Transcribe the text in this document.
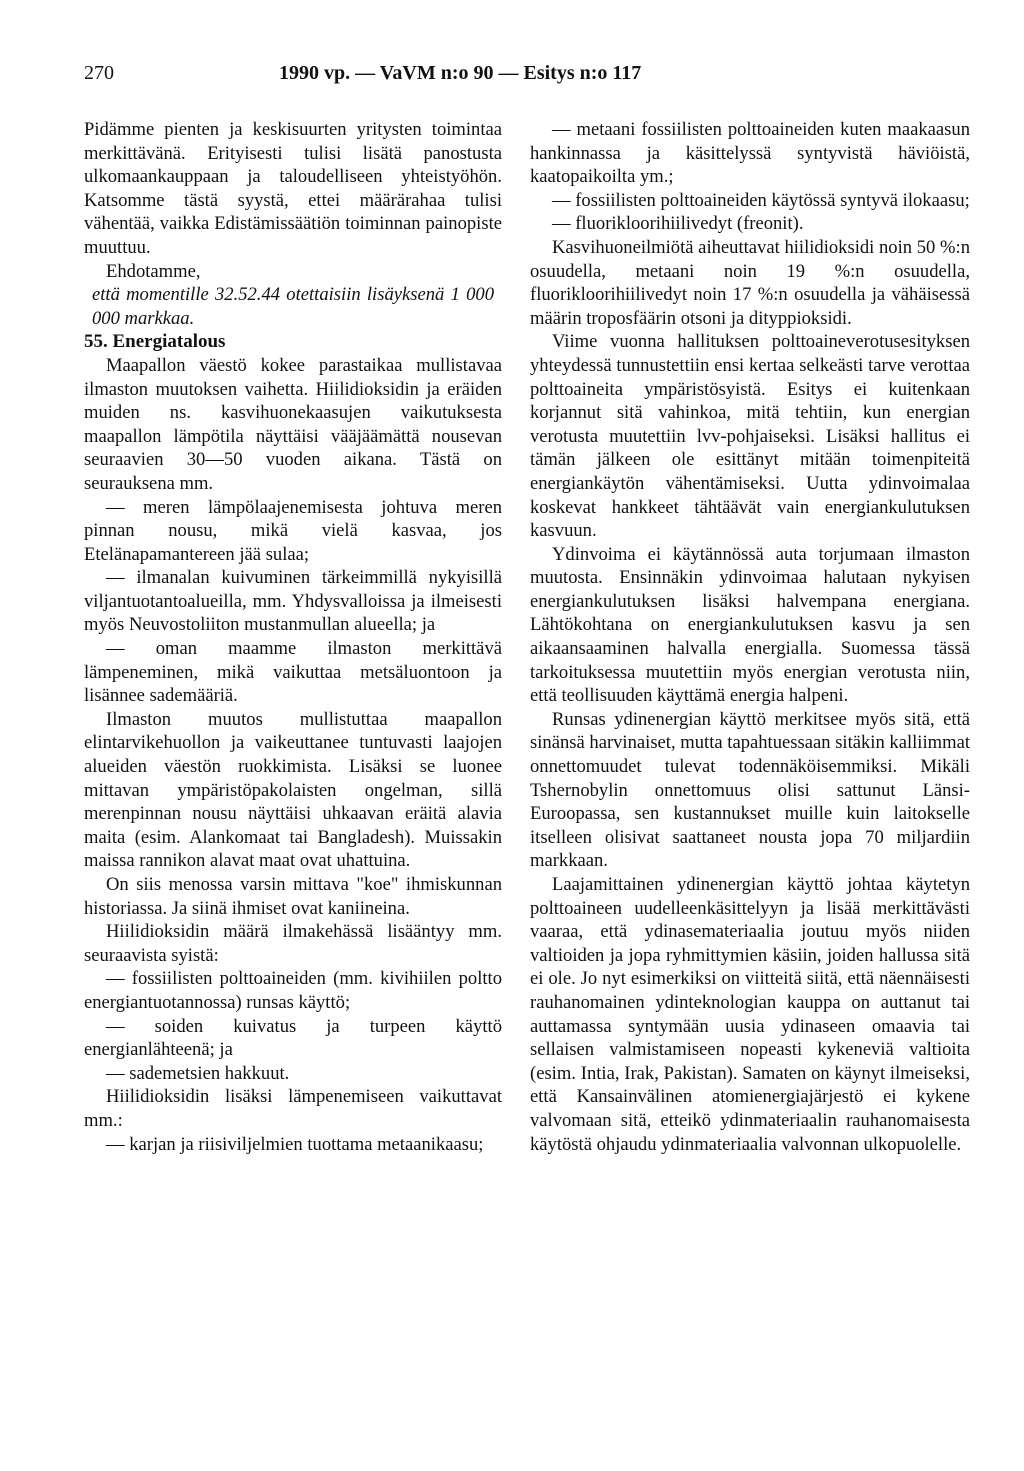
270	1990 vp. — VaVM n:o 90 — Esitys n:o 117

Pidämme pienten ja keskisuurten yritysten toimintaa merkittävänä. Erityisesti tulisi lisätä panostusta ulkomaankauppaan ja taloudelliseen yhteistyöhön. Katsomme tästä syystä, ettei määrärahaa tulisi vähentää, vaikka Edistämissäätiön toiminnan painopiste muuttuu.

Ehdotamme,

että momentille 32.52.44 otettaisiin lisäyksenä 1 000 000 markkaa.

55. Energiatalous

Maapallon väestö kokee parastaikaa mullistavaa ilmaston muutoksen vaihetta. Hiilidioksidin ja eräiden muiden ns. kasvihuonekaasujen vaikutuksesta maapallon lämpötila näyttäisi vääjäämättä nousevan seuraavien 30—50 vuoden aikana. Tästä on seurauksena mm.

— meren lämpölaajenemisesta johtuva meren pinnan nousu, mikä vielä kasvaa, jos Etelänapamantereen jää sulaa;

— ilmanalan kuivuminen tärkeimmillä nykyisillä viljantuotantoalueilla, mm. Yhdysvalloissa ja ilmeisesti myös Neuvostoliiton mustanmullan alueella; ja

— oman maamme ilmaston merkittävä lämpeneminen, mikä vaikuttaa metsäluontoon ja lisännee sademääriä.

Ilmaston muutos mullistuttaa maapallon elintarvikehuollon ja vaikeuttanee tuntuvasti laajojen alueiden väestön ruokkimista. Lisäksi se luonee mittavan ympäristöpakolaisten ongelman, sillä merenpinnan nousu näyttäisi uhkaavan eräitä alavia maita (esim. Alankomaat tai Bangladesh). Muissakin maissa rannikon alavat maat ovat uhattuina.

On siis menossa varsin mittava "koe" ihmiskunnan historiassa. Ja siinä ihmiset ovat kaniineina.

Hiilidioksidin määrä ilmakehässä lisääntyy mm. seuraavista syistä:

— fossiilisten polttoaineiden (mm. kivihiilen poltto energiantuotannossa) runsas käyttö;

— soiden kuivatus ja turpeen käyttö energianlähteenä; ja

— sademetsien hakkuut.

Hiilidioksidin lisäksi lämpenemiseen vaikuttavat mm.:

— karjan ja riisiviljelmien tuottama metaanikaasu;

— metaani fossiilisten polttoaineiden kuten maakaasun hankinnassa ja käsittelyssä syntyvistä häviöistä, kaatopaikoilta ym.;

— fossiilisten polttoaineiden käytössä syntyvä ilokaasu;

— fluorikloorihiilivedyt (freonit).

Kasvihuoneilmiötä aiheuttavat hiilidioksidi noin 50 %:n osuudella, metaani noin 19 %:n osuudella, fluorikloorihiilivedyt noin 17 %:n osuudella ja vähäisessä määrin troposfäärin otsoni ja dityppioksidi.

Viime vuonna hallituksen polttoaineverotusesityksen yhteydessä tunnustettiin ensi kertaa selkeästi tarve verottaa polttoaineita ympäristösyistä. Esitys ei kuitenkaan korjannut sitä vahinkoa, mitä tehtiin, kun energian verotusta muutettiin lvv-pohjaiseksi. Lisäksi hallitus ei tämän jälkeen ole esittänyt mitään toimenpiteitä energiankäytön vähentämiseksi. Uutta ydinvoimalaa koskevat hankkeet tähtäävät vain energiankulutuksen kasvuun.

Ydinvoima ei käytännössä auta torjumaan ilmaston muutosta. Ensinnäkin ydinvoimaa halutaan nykyisen energiankulutuksen lisäksi halvempana energiana. Lähtökohtana on energiankulutuksen kasvu ja sen aikaansaaminen halvalla energialla. Suomessa tässä tarkoituksessa muutettiin myös energian verotusta niin, että teollisuuden käyttämä energia halpeni.

Runsas ydinenergian käyttö merkitsee myös sitä, että sinänsä harvinaiset, mutta tapahtuessaan sitäkin kalliimmat onnettomuudet tulevat todennäköisemmiksi. Mikäli Tshernobylin onnettomuus olisi sattunut Länsi-Euroopassa, sen kustannukset muille kuin laitokselle itselleen olisivat saattaneet nousta jopa 70 miljardiin markkaan.

Laajamittainen ydinenergian käyttö johtaa käytetyn polttoaineen uudelleenkäsittelyyn ja lisää merkittävästi vaaraa, että ydinasemateriaalia joutuu myös niiden valtioiden ja jopa ryhmittymien käsiin, joiden hallussa sitä ei ole. Jo nyt esimerkiksi on viitteitä siitä, että näennäisesti rauhanomainen ydinteknologian kauppa on auttanut tai auttamassa syntymään uusia ydinaseen omaavia tai sellaisen valmistamiseen nopeasti kykeneviä valtioita (esim. Intia, Irak, Pakistan). Samaten on käynyt ilmeiseksi, että Kansainvälinen atomienergiajärjestö ei kykene valvomaan sitä, etteikö ydinmateriaalin rauhanomaisesta käytöstä ohjaudu ydinmateriaalia valvonnan ulkopuolelle.
